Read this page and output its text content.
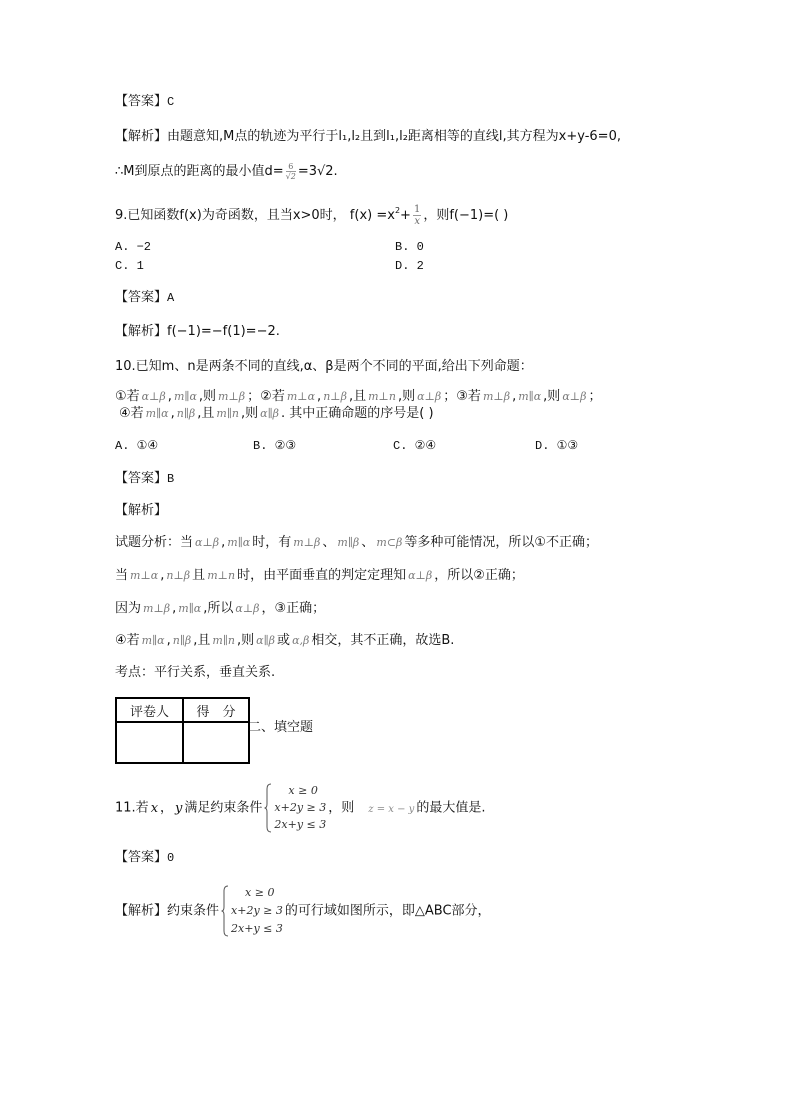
【答案】C
【解析】由题意知,M点的轨迹为平行于l₁,l₂且到l₁,l₂距离相等的直线l,其方程为x+y-6=0,
∴M到原点的距离的最小值$d= \frac{6}{√2} =3√2$.
9.已知函数f(x)为奇函数，且当x>0时， $f(x) =x^2+ \frac{1}{x}$ ，则f(−1)=( )
A. −2	B. 0
C. 1	D. 2
【答案】A
【解析】f(−1)=−f(1)=−2.
10.已知m、n是两条不同的直线,α、β是两个不同的平面,给出下列命题：
①若 α⊥β , m∥α ,则 m⊥β ；②若 m⊥α , n⊥β ,且 m⊥n ,则 α⊥β ；③若 m⊥β , m∥α ,则 α⊥β ；
④若 m∥α , n∥β ,且 m∥n ,则 α∥β . 其中正确命题的序号是( )
A. ①④	B. ②③	C. ②④	D. ①③
【答案】B
【解析】
试题分析：当 α⊥β , m∥α 时，有 m⊥β 、 m∥β 、 m⊂β 等多种可能情况，所以①不正确；
当 m⊥α , n⊥β 且 m⊥n 时，由平面垂直的判定定理知 α⊥β ，所以②正确；
因为 m⊥β , m∥α ,所以 α⊥β ，③正确；
④若 m∥α , n∥β ,且 m∥n ,则 α∥β 或 α,β 相交，其不正确，故选B.
考点：平行关系，垂直关系.
评卷人	得　分

二、填空题
11.若 x ， y 满足约束条件
x ≥ 0
x+2y ≥ 3
2x+y ≤ 3
，则 z = x − y 的最大值是.
【答案】0
【解析】约束条件
x ≥ 0
x+2y ≥ 3
2x+y ≤ 3
的可行域如图所示，即△ABC部分，
